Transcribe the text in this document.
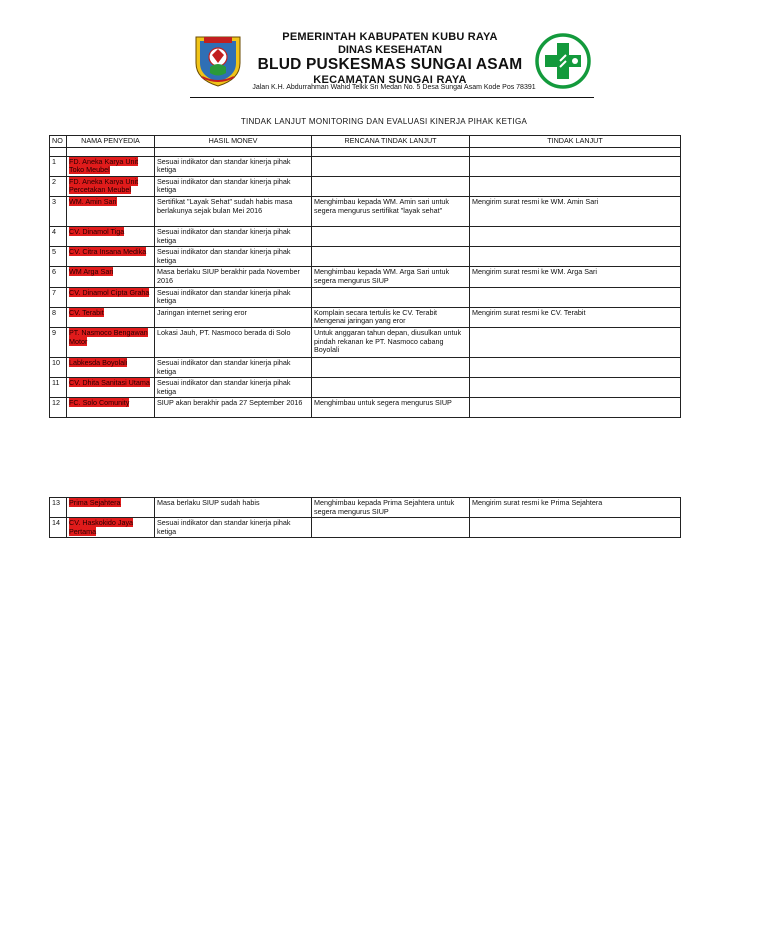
PEMERINTAH KABUPATEN KUBU RAYA
DINAS KESEHATAN
BLUD PUSKESMAS SUNGAI ASAM
KECAMATAN SUNGAI RAYA
Jalan K.H. Abdurrahman Wahid Telkk Sri Medan No. 5 Desa Sungai Asam Kode Pos 78391
TINDAK LANJUT MONITORING DAN EVALUASI KINERJA PIHAK KETIGA
NO	NAMA PENYEDIA	HASIL MONEV	RENCANA TINDAK LANJUT	TINDAK LANJUT

1	FD. Aneka Karya Unit Toko Meubel	Sesuai indikator dan standar kinerja pihak ketiga		
2	FD. Aneka Karya Unit Percetakan Meubel	Sesuai indikator dan standar kinerja pihak ketiga		
3	WM. Amin Sari	Sertifikat "Layak Sehat" sudah habis masa berlakunya sejak bulan Mei 2016	Menghimbau kepada WM. Amin sari untuk segera mengurus sertifikat "layak sehat"	Mengirim surat resmi ke WM. Amin Sari
4	CV. Dinamol Tiga	Sesuai indikator dan standar kinerja pihak ketiga		
5	CV. Citra Insana Medika	Sesuai indikator dan standar kinerja pihak ketiga		
6	WM Arga Sari	Masa berlaku SIUP berakhir pada November 2016	Menghimbau kepada WM. Arga Sari untuk segera mengurus SIUP	Mengirim surat resmi ke WM. Arga Sari
7	CV. Dinamol Cipta Graha	Sesuai indikator dan standar kinerja pihak ketiga		
8	CV. Terabit	Jaringan internet sering eror	Komplain secara tertulis ke CV. Terabit Mengenai jaringan yang eror	Mengirim surat resmi ke CV. Terabit
9	PT. Nasmoco Bengawan Motor	Lokasi Jauh, PT. Nasmoco berada di Solo	Untuk anggaran tahun depan, diusulkan untuk pindah rekanan ke PT. Nasmoco cabang Boyolali	
10	Labkesda Boyolali	Sesuai indikator dan standar kinerja pihak ketiga		
11	CV. Dhita Sanitasi Utama	Sesuai indikator dan standar kinerja pihak ketiga		
12	FC. Solo Comunity	SIUP akan berakhir pada 27 September 2016	Menghimbau untuk segera mengurus SIUP	
13	Prima Sejahtera	Masa berlaku SIUP sudah habis	Menghimbau kepada Prima Sejahtera untuk segera mengurus SIUP	Mengirim surat resmi ke Prima Sejahtera
14	CV. Haskokido Jaya Pertama	Sesuai indikator dan standar kinerja pihak ketiga		
